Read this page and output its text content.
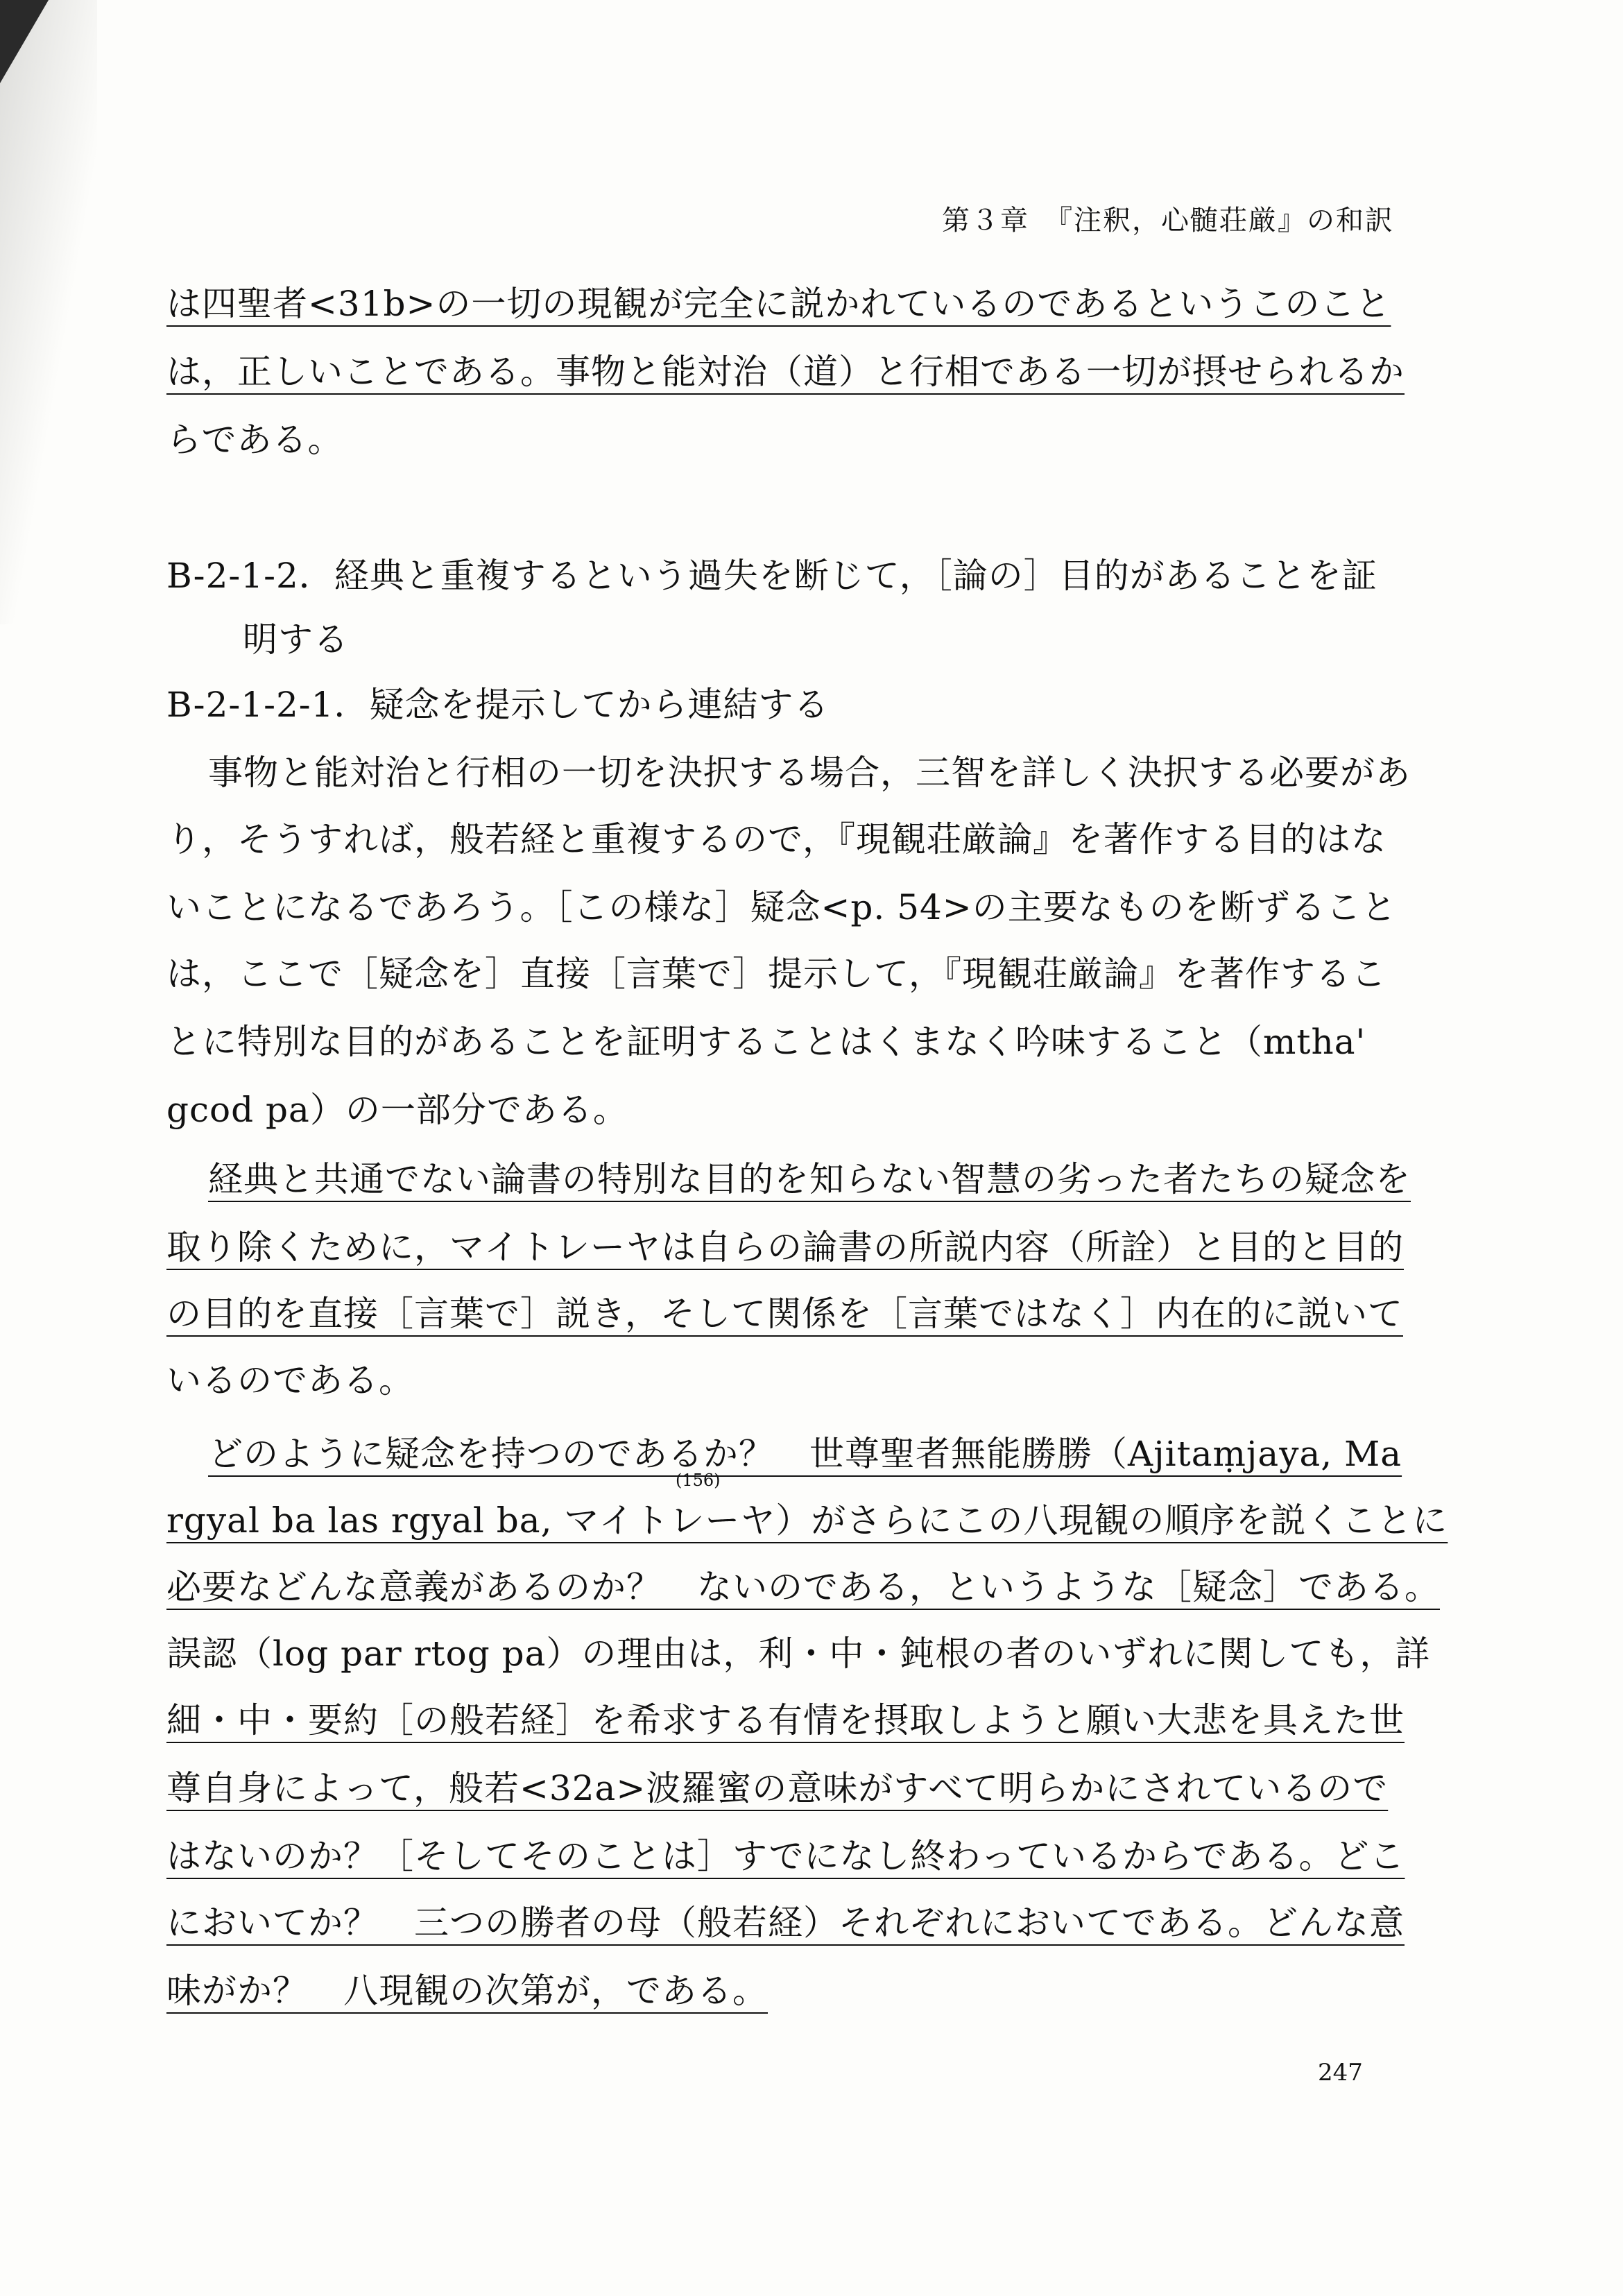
第３章　『注釈，心髄荘厳』の和訳
は四聖者<31b>の一切の現観が完全に説かれているのであるというこのこと
は，正しいことである。事物と能対治（道）と行相である一切が摂せられるか
らである。
B-2-1-2．経典と重複するという過失を断じて，［論の］目的があることを証
明する
B-2-1-2-1．疑念を提示してから連結する
事物と能対治と行相の一切を決択する場合，三智を詳しく決択する必要があ
り，そうすれば，般若経と重複するので，『現観荘厳論』を著作する目的はな
いことになるであろう。［この様な］疑念<p. 54>の主要なものを断ずること
は，ここで［疑念を］直接［言葉で］提示して，『現観荘厳論』を著作するこ
とに特別な目的があることを証明することはくまなく吟味すること（mtha'
gcod pa）の一部分である。
経典と共通でない論書の特別な目的を知らない智慧の劣った者たちの疑念を
取り除くために，マイトレーヤは自らの論書の所説内容（所詮）と目的と目的
の目的を直接［言葉で］説き，そして関係を［言葉ではなく］内在的に説いて
いるのである。
どのように疑念を持つのであるか？　世尊聖者無能勝勝（Ajitaṃjaya, Ma
(156)
rgyal ba las rgyal ba, マイトレーヤ）がさらにこの八現観の順序を説くことに
必要などんな意義があるのか？　ないのである，というような［疑念］である。
誤認（log par rtog pa）の理由は，利・中・鈍根の者のいずれに関しても，詳
細・中・要約［の般若経］を希求する有情を摂取しようと願い大悲を具えた世
尊自身によって，般若<32a>波羅蜜の意味がすべて明らかにされているので
はないのか？［そしてそのことは］すでになし終わっているからである。どこ
においてか？　三つの勝者の母（般若経）それぞれにおいてである。どんな意
味がか？　八現観の次第が，である。
247
